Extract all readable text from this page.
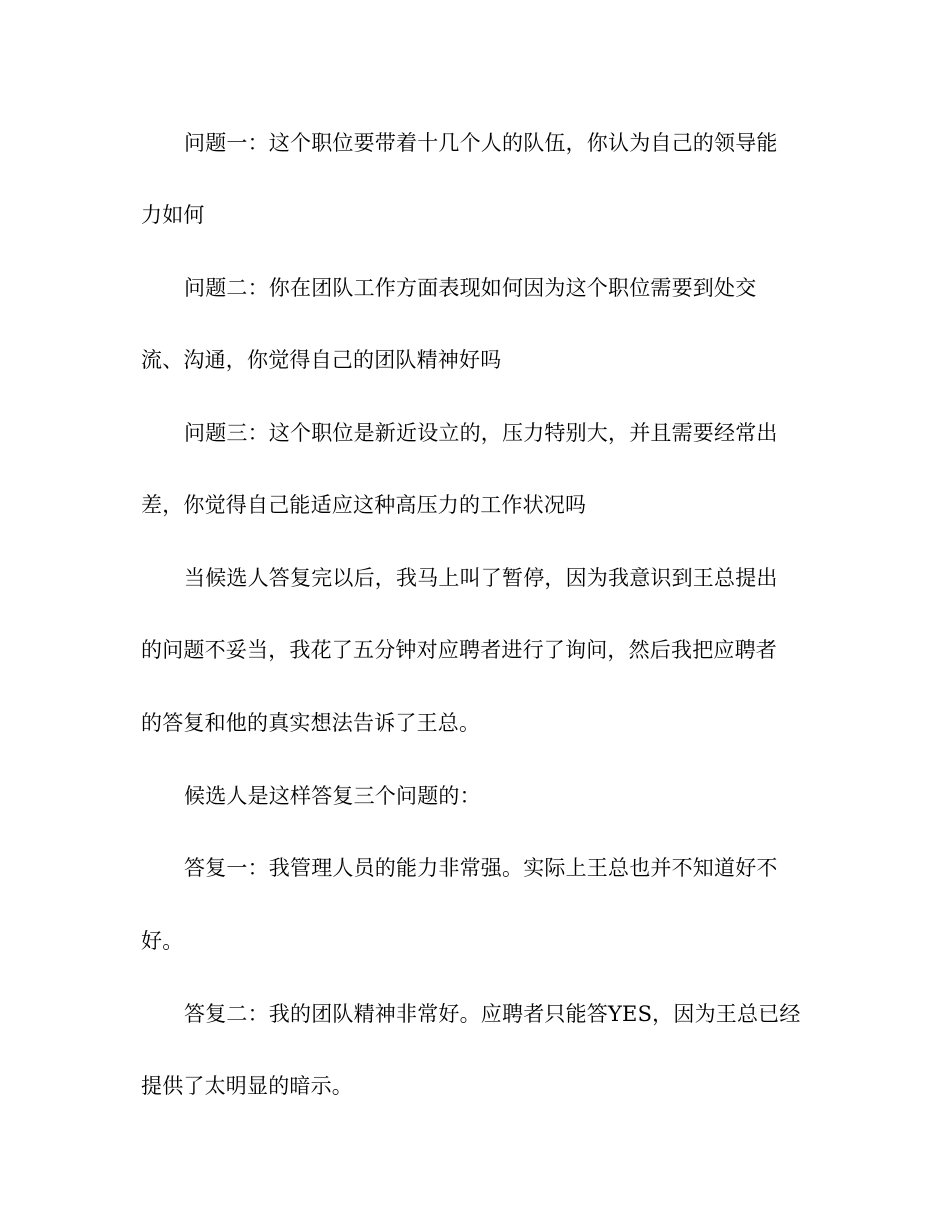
问题一：这个职位要带着十几个人的队伍，你认为自己的领导能

力如何

问题二：你在团队工作方面表现如何因为这个职位需要到处交

流、沟通，你觉得自己的团队精神好吗

问题三：这个职位是新近设立的，压力特别大，并且需要经常出

差，你觉得自己能适应这种高压力的工作状况吗

当候选人答复完以后，我马上叫了暂停，因为我意识到王总提出

的问题不妥当，我花了五分钟对应聘者进行了询问，然后我把应聘者

的答复和他的真实想法告诉了王总。

候选人是这样答复三个问题的：

答复一：我管理人员的能力非常强。实际上王总也并不知道好不

好。

答复二：我的团队精神非常好。应聘者只能答YES，因为王总已经

提供了太明显的暗示。
